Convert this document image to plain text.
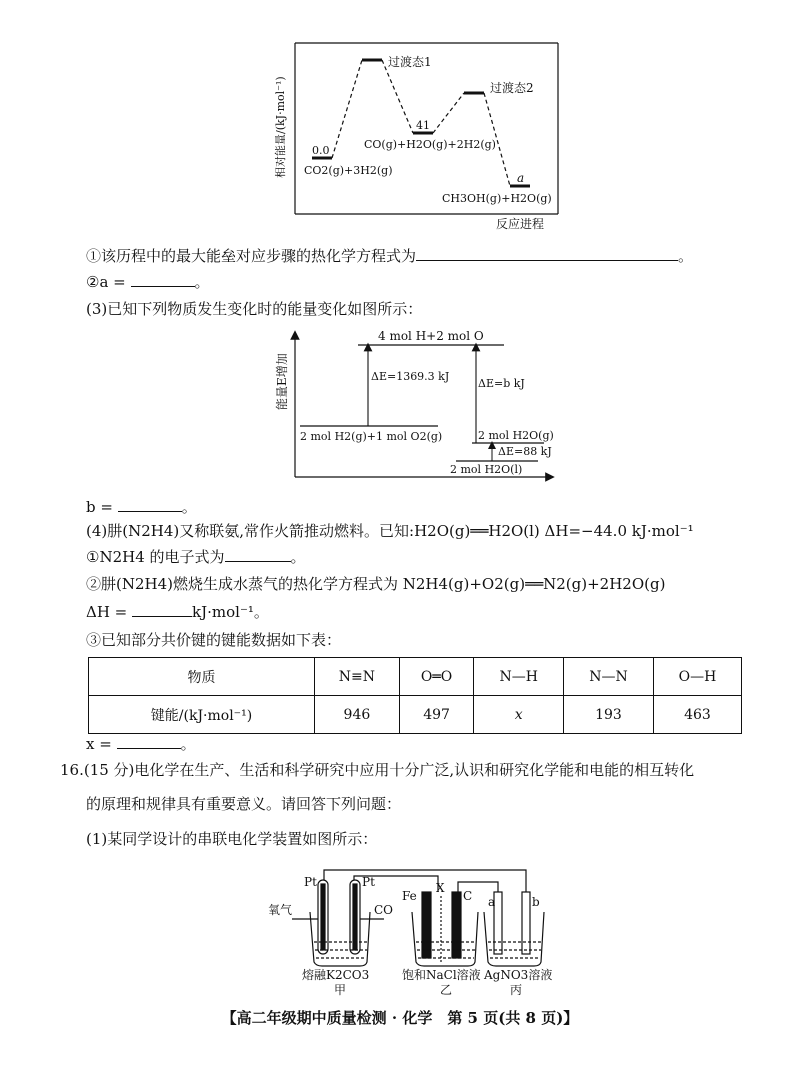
相对能量/(kJ·mol⁻¹)
反应进程
0.0
CO2(g)+3H2(g)
过渡态1
41
CO(g)+H2O(g)+2H2(g)
过渡态2
a
CH3OH(g)+H2O(g)
①该历程中的最大能垒对应步骤的热化学方程式为	。
②a =	。
(3)已知下列物质发生变化时的能量变化如图所示：
能量E增加
4 mol H+2 mol O
2 mol H2(g)+1 mol O2(g)
ΔE=1369.3 kJ
ΔE=b kJ
2 mol H2O(g)
ΔE=88 kJ
2 mol H2O(l)
b =	。
(4)肼(N2H4)又称联氨,常作火箭推动燃料。已知:H2O(g)══H2O(l) ΔH=−44.0 kJ·mol⁻¹
①N2H4 的电子式为	。
②肼(N2H4)燃烧生成水蒸气的热化学方程式为 N2H4(g)+O2(g)══N2(g)+2H2O(g)
ΔH =	kJ·mol⁻¹。
③已知部分共价键的键能数据如下表：
物质	N≡N	O═O	N—H	N—N	O—H
键能/(kJ·mol⁻¹)	946	497	x	193	463
x =	。
16.(15 分)电化学在生产、生活和科学研究中应用十分广泛,认识和研究化学能和电能的相互转化
的原理和规律具有重要意义。请回答下列问题：
(1)某同学设计的串联电化学装置如图所示：
Pt	Pt
氧气	CO
Fe
X
C a	b
熔融K2CO3
甲
饱和NaCl溶液
乙
AgNO3溶液
丙
【高二年级期中质量检测 · 化学　第 5 页(共 8 页)】
